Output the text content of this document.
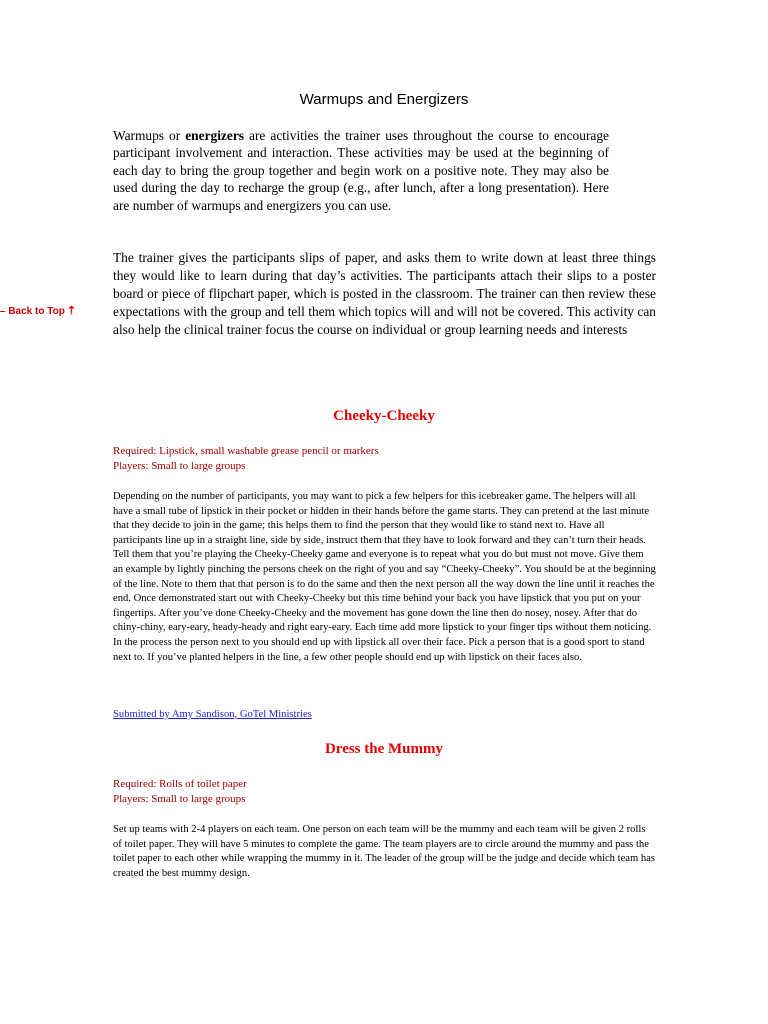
Warmups and Energizers

Warmups or energizers are activities the trainer uses throughout the course to encourage participant involvement and interaction. These activities may be used at the beginning of each day to bring the group together and begin work on a positive note. They may also be used during the day to recharge the group (e.g., after lunch, after a long presentation). Here are number of warmups and energizers you can use.

The trainer gives the participants slips of paper, and asks them to write down at least three things they would like to learn during that day’s activities. The participants attach their slips to a poster board or piece of flipchart paper, which is posted in the classroom. The trainer can then review these expectations with the group and tell them which topics will and will not be covered. This activity can also help the clinical trainer focus the course on individual or group learning needs and interests

– Back to Top ⇡
Cheeky-Cheeky

Required: Lipstick, small washable grease pencil or markers

Players: Small to large groups

Depending on the number of participants, you may want to pick a few helpers for this icebreaker game. The helpers will all have a small tube of lipstick in their pocket or hidden in their hands before the game starts. They can pretend at the last minute that they decide to join in the game; this helps them to find the person that they would like to stand next to. Have all participants line up in a straight line, side by side, instruct them that they have to look forward and they can’t turn their heads. Tell them that you’re playing the Cheeky-Cheeky game and everyone is to repeat what you do but must not move. Give them an example by lightly pinching the persons cheek on the right of you and say “Cheeky-Cheeky”. You should be at the beginning of the line. Note to them that that person is to do the same and then the next person all the way down the line until it reaches the end. Once demonstrated start out with Cheeky-Cheeky but this time behind your back you have lipstick that you put on your fingertips. After you’ve done Cheeky-Cheeky and the movement has gone down the line then do nosey, nosey. After that do chiny-chiny, eary-eary, heady-heady and right eary-eary. Each time add more lipstick to your finger tips without them noticing. In the process the person next to you should end up with lipstick all over their face. Pick a person that is a good sport to stand next to. If you’ve planted helpers in the line, a few other people should end up with lipstick on their faces also.

Submitted by Amy Sandison, GoTel Ministries
Dress the Mummy

Required: Rolls of toilet paper

Players: Small to large groups

Set up teams with 2-4 players on each team. One person on each team will be the mummy and each team will be given 2 rolls of toilet paper. They will have 5 minutes to complete the game. The team players are to circle around the mummy and pass the toilet paper to each other while wrapping the mummy in it. The leader of the group will be the judge and decide which team has created the best mummy design.
